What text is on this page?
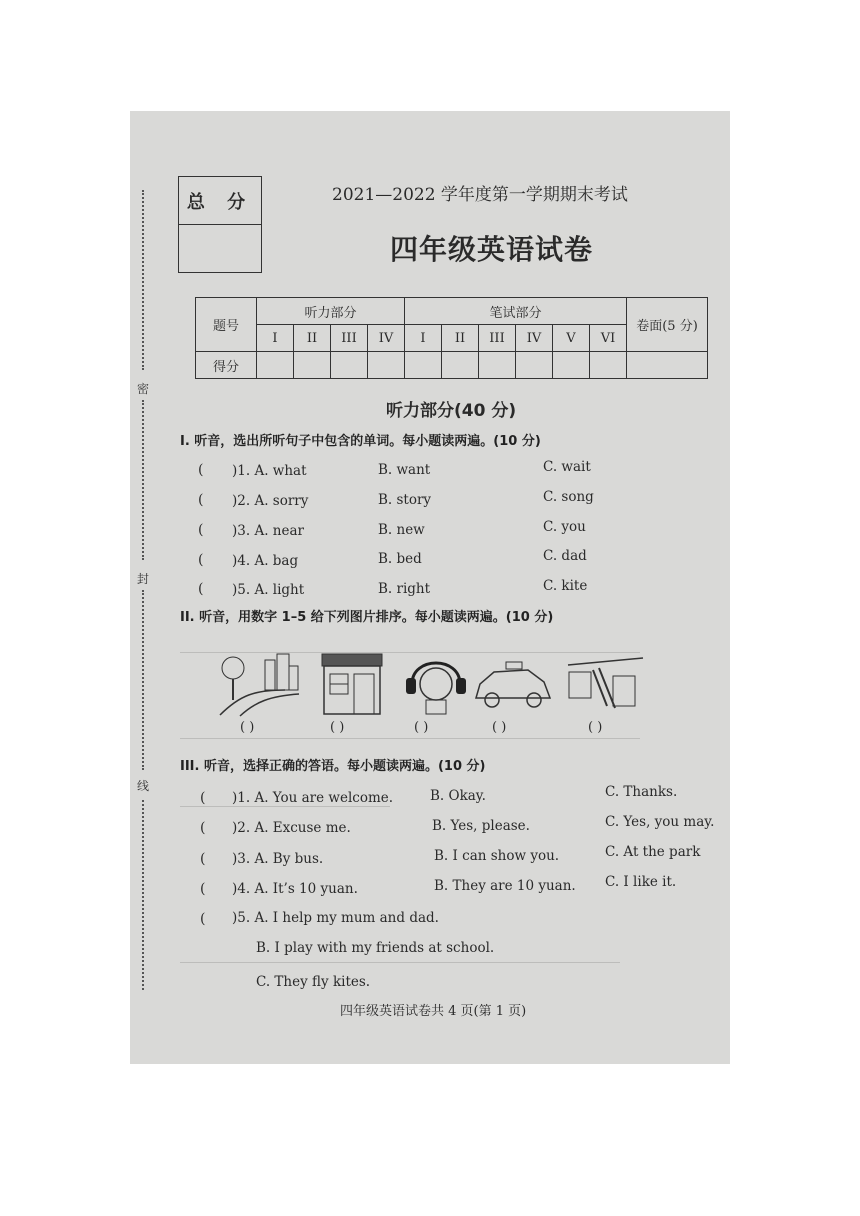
密
封
线
总 分	2021—2022 学年度第一学期期末考试
四年级英语试卷
题号	听力部分				笔试部分						卷面(5 分)
	I	II	III	IV	I	II	III	IV	V	VI	
得分											
听力部分(40 分)
I. 听音，选出所听句子中包含的单词。每小题读两遍。(10 分)
( )1. A. what	B. want	C. wait
( )2. A. sorry	B. story	C. song
( )3. A. near	B. new	C. you
( )4. A. bag	B. bed	C. dad
( )5. A. light	B. right	C. kite
II. 听音，用数字 1–5 给下列图片排序。每小题读两遍。(10 分)
( )	( )	( )	( )	( )
III. 听音，选择正确的答语。每小题读两遍。(10 分)
( )1. A. You are welcome.	B. Okay.	C. Thanks.
( )2. A. Excuse me.	B. Yes, please.	C. Yes, you may.
( )3. A. By bus.	B. I can show you.	C. At the park
( )4. A. It’s 10 yuan.	B. They are 10 yuan. C. I like it.
( )5. A. I help my mum and dad.
B. I play with my friends at school.
C. They fly kites.
四年级英语试卷共 4 页(第 1 页)
